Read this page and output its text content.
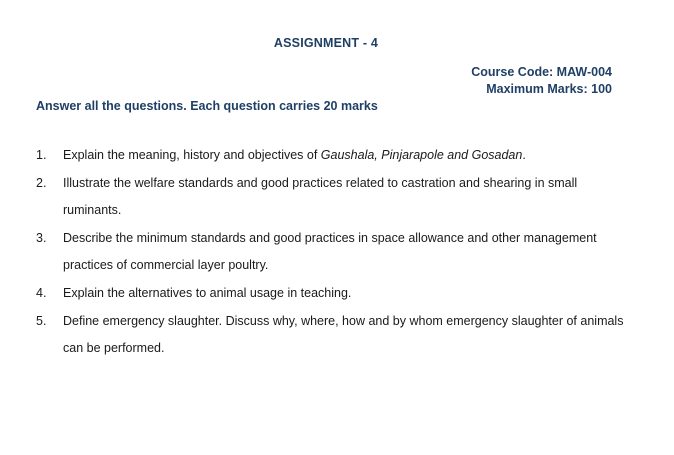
ASSIGNMENT - 4
Course Code: MAW-004
Maximum Marks: 100
Answer all the questions. Each question carries 20 marks
1.	Explain the meaning, history and objectives of Gaushala, Pinjarapole and Gosadan.
2.	Illustrate the welfare standards and good practices related to castration and shearing in small ruminants.
3.	Describe the minimum standards and good practices in space allowance and other management practices of commercial layer poultry.
4.	Explain the alternatives to animal usage in teaching.
5.	Define emergency slaughter. Discuss why, where, how and by whom emergency slaughter of animals can be performed.
